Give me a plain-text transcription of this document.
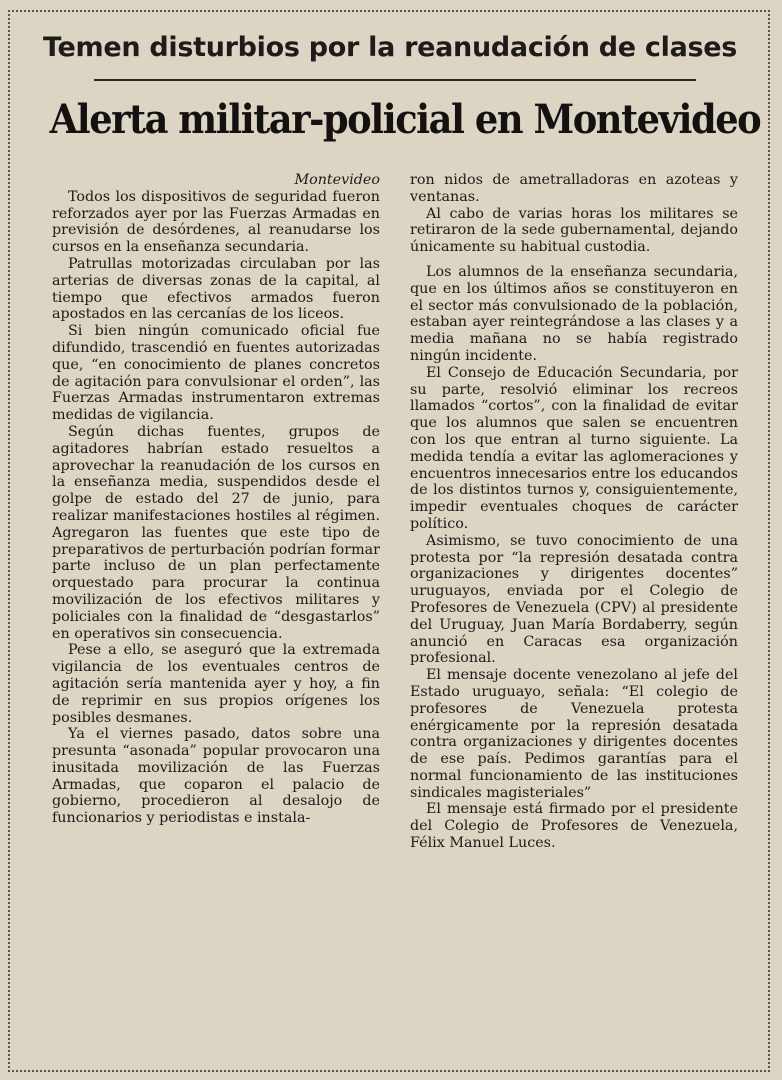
Temen disturbios por la reanudación de clases
Alerta militar-policial en Montevideo

Montevideo

Todos los dispositivos de seguridad fueron reforzados ayer por las Fuerzas Armadas en previsión de desórdenes, al reanudarse los cursos en la enseñanza secundaria.

Patrullas motorizadas circulaban por las arterias de diversas zonas de la capital, al tiempo que efectivos armados fueron apostados en las cercanías de los liceos.

Si bien ningún comunicado oficial fue difundido, trascendió en fuentes autorizadas que, “en conocimiento de planes concretos de agitación para convulsionar el orden”, las Fuerzas Armadas instrumentaron extremas medidas de vigilancia.

Según dichas fuentes, grupos de agitadores habrían estado resueltos a aprovechar la reanudación de los cursos en la enseñanza media, suspendidos desde el golpe de estado del 27 de junio, para realizar manifestaciones hostiles al régimen. Agregaron las fuentes que este tipo de preparativos de perturbación podrían formar parte incluso de un plan perfectamente orquestado para procurar la continua movilización de los efectivos militares y policiales con la finalidad de “desgastarlos” en operativos sin consecuencia.

Pese a ello, se aseguró que la extremada vigilancia de los eventuales centros de agitación sería mantenida ayer y hoy, a fin de reprimir en sus propios orígenes los posibles desmanes.

Ya el viernes pasado, datos sobre una presunta “asonada” popular provocaron una inusitada movilización de las Fuerzas Armadas, que coparon el palacio de gobierno, procedieron al desalojo de funcionarios y periodistas e instala-

ron nidos de ametralladoras en azoteas y ventanas.

Al cabo de varias horas los militares se retiraron de la sede gubernamental, dejando únicamente su habitual custodia.

Los alumnos de la enseñanza secundaria, que en los últimos años se constituyeron en el sector más convulsionado de la población, estaban ayer reintegrándose a las clases y a media mañana no se había registrado ningún incidente.

El Consejo de Educación Secundaria, por su parte, resolvió eliminar los recreos llamados “cortos”, con la finalidad de evitar que los alumnos que salen se encuentren con los que entran al turno siguiente. La medida tendía a evitar las aglomeraciones y encuentros innecesarios entre los educandos de los distintos turnos y, consiguientemente, impedir eventuales choques de carácter político.

Asimismo, se tuvo conocimiento de una protesta por “la represión desatada contra organizaciones y dirigentes docentes” uruguayos, enviada por el Colegio de Profesores de Venezuela (CPV) al presidente del Uruguay, Juan María Bordaberry, según anunció en Caracas esa organización profesional.

El mensaje docente venezolano al jefe del Estado uruguayo, señala: “El colegio de profesores de Venezuela protesta enérgicamente por la represión desatada contra organizaciones y dirigentes docentes de ese país. Pedimos garantías para el normal funcionamiento de las instituciones sindicales magisteriales”

El mensaje está firmado por el presidente del Colegio de Profesores de Venezuela, Félix Manuel Luces.
